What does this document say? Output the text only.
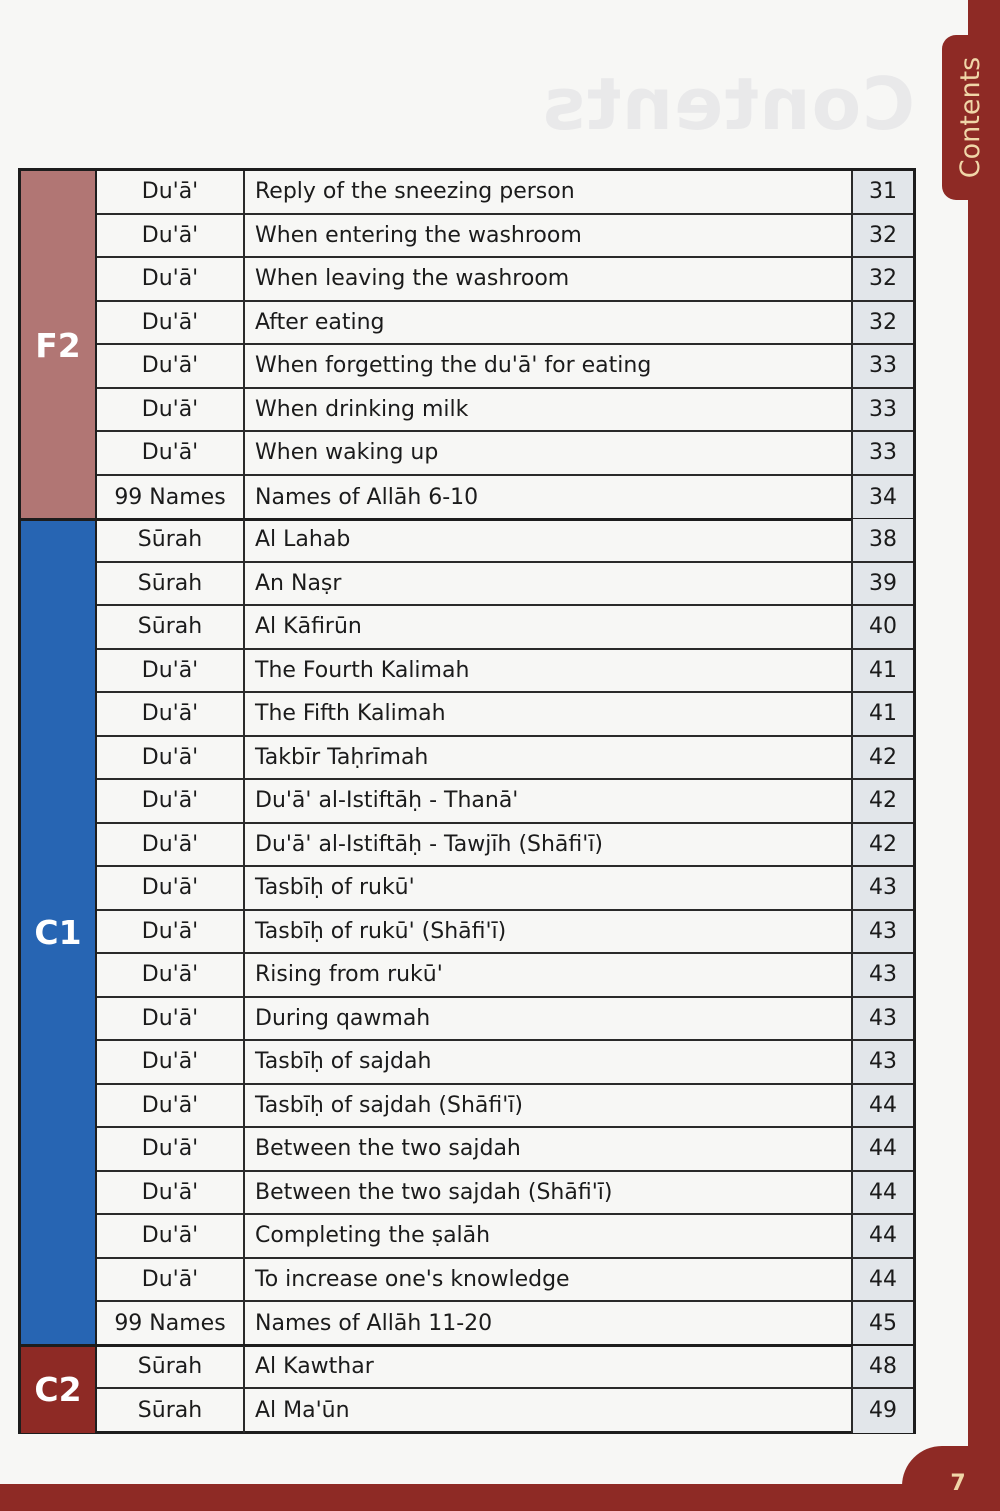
Contents Contents
F2
Du'ā'	Reply of the sneezing person	31
Du'ā'	When entering the washroom	32
Du'ā'	When leaving the washroom	32
Du'ā'	After eating	32
Du'ā'	When forgetting the du'ā' for eating	33
Du'ā'	When drinking milk	33
Du'ā'	When waking up	33
99 Names	Names of Allāh 6-10	34
C1
Sūrah	Al Lahab	38
Sūrah	An Naṣr	39
Sūrah	Al Kāfirūn	40
Du'ā'	The Fourth Kalimah	41
Du'ā'	The Fifth Kalimah	41
Du'ā'	Takbīr Taḥrīmah	42
Du'ā'	Du'ā' al-Istiftāḥ - Thanā'	42
Du'ā'	Du'ā' al-Istiftāḥ - Tawjīh (Shāfi'ī)	42
Du'ā'	Tasbīḥ of rukū'	43
Du'ā'	Tasbīḥ of rukū' (Shāfi'ī)	43
Du'ā'	Rising from rukū'	43
Du'ā'	During qawmah	43
Du'ā'	Tasbīḥ of sajdah	43
Du'ā'	Tasbīḥ of sajdah (Shāfi'ī)	44
Du'ā'	Between the two sajdah	44
Du'ā'	Between the two sajdah (Shāfi'ī)	44
Du'ā'	Completing the ṣalāh	44
Du'ā'	To increase one's knowledge	44
99 Names	Names of Allāh 11-20	45
C2
Sūrah	Al Kawthar	48
Sūrah	Al Ma'ūn	49
7
